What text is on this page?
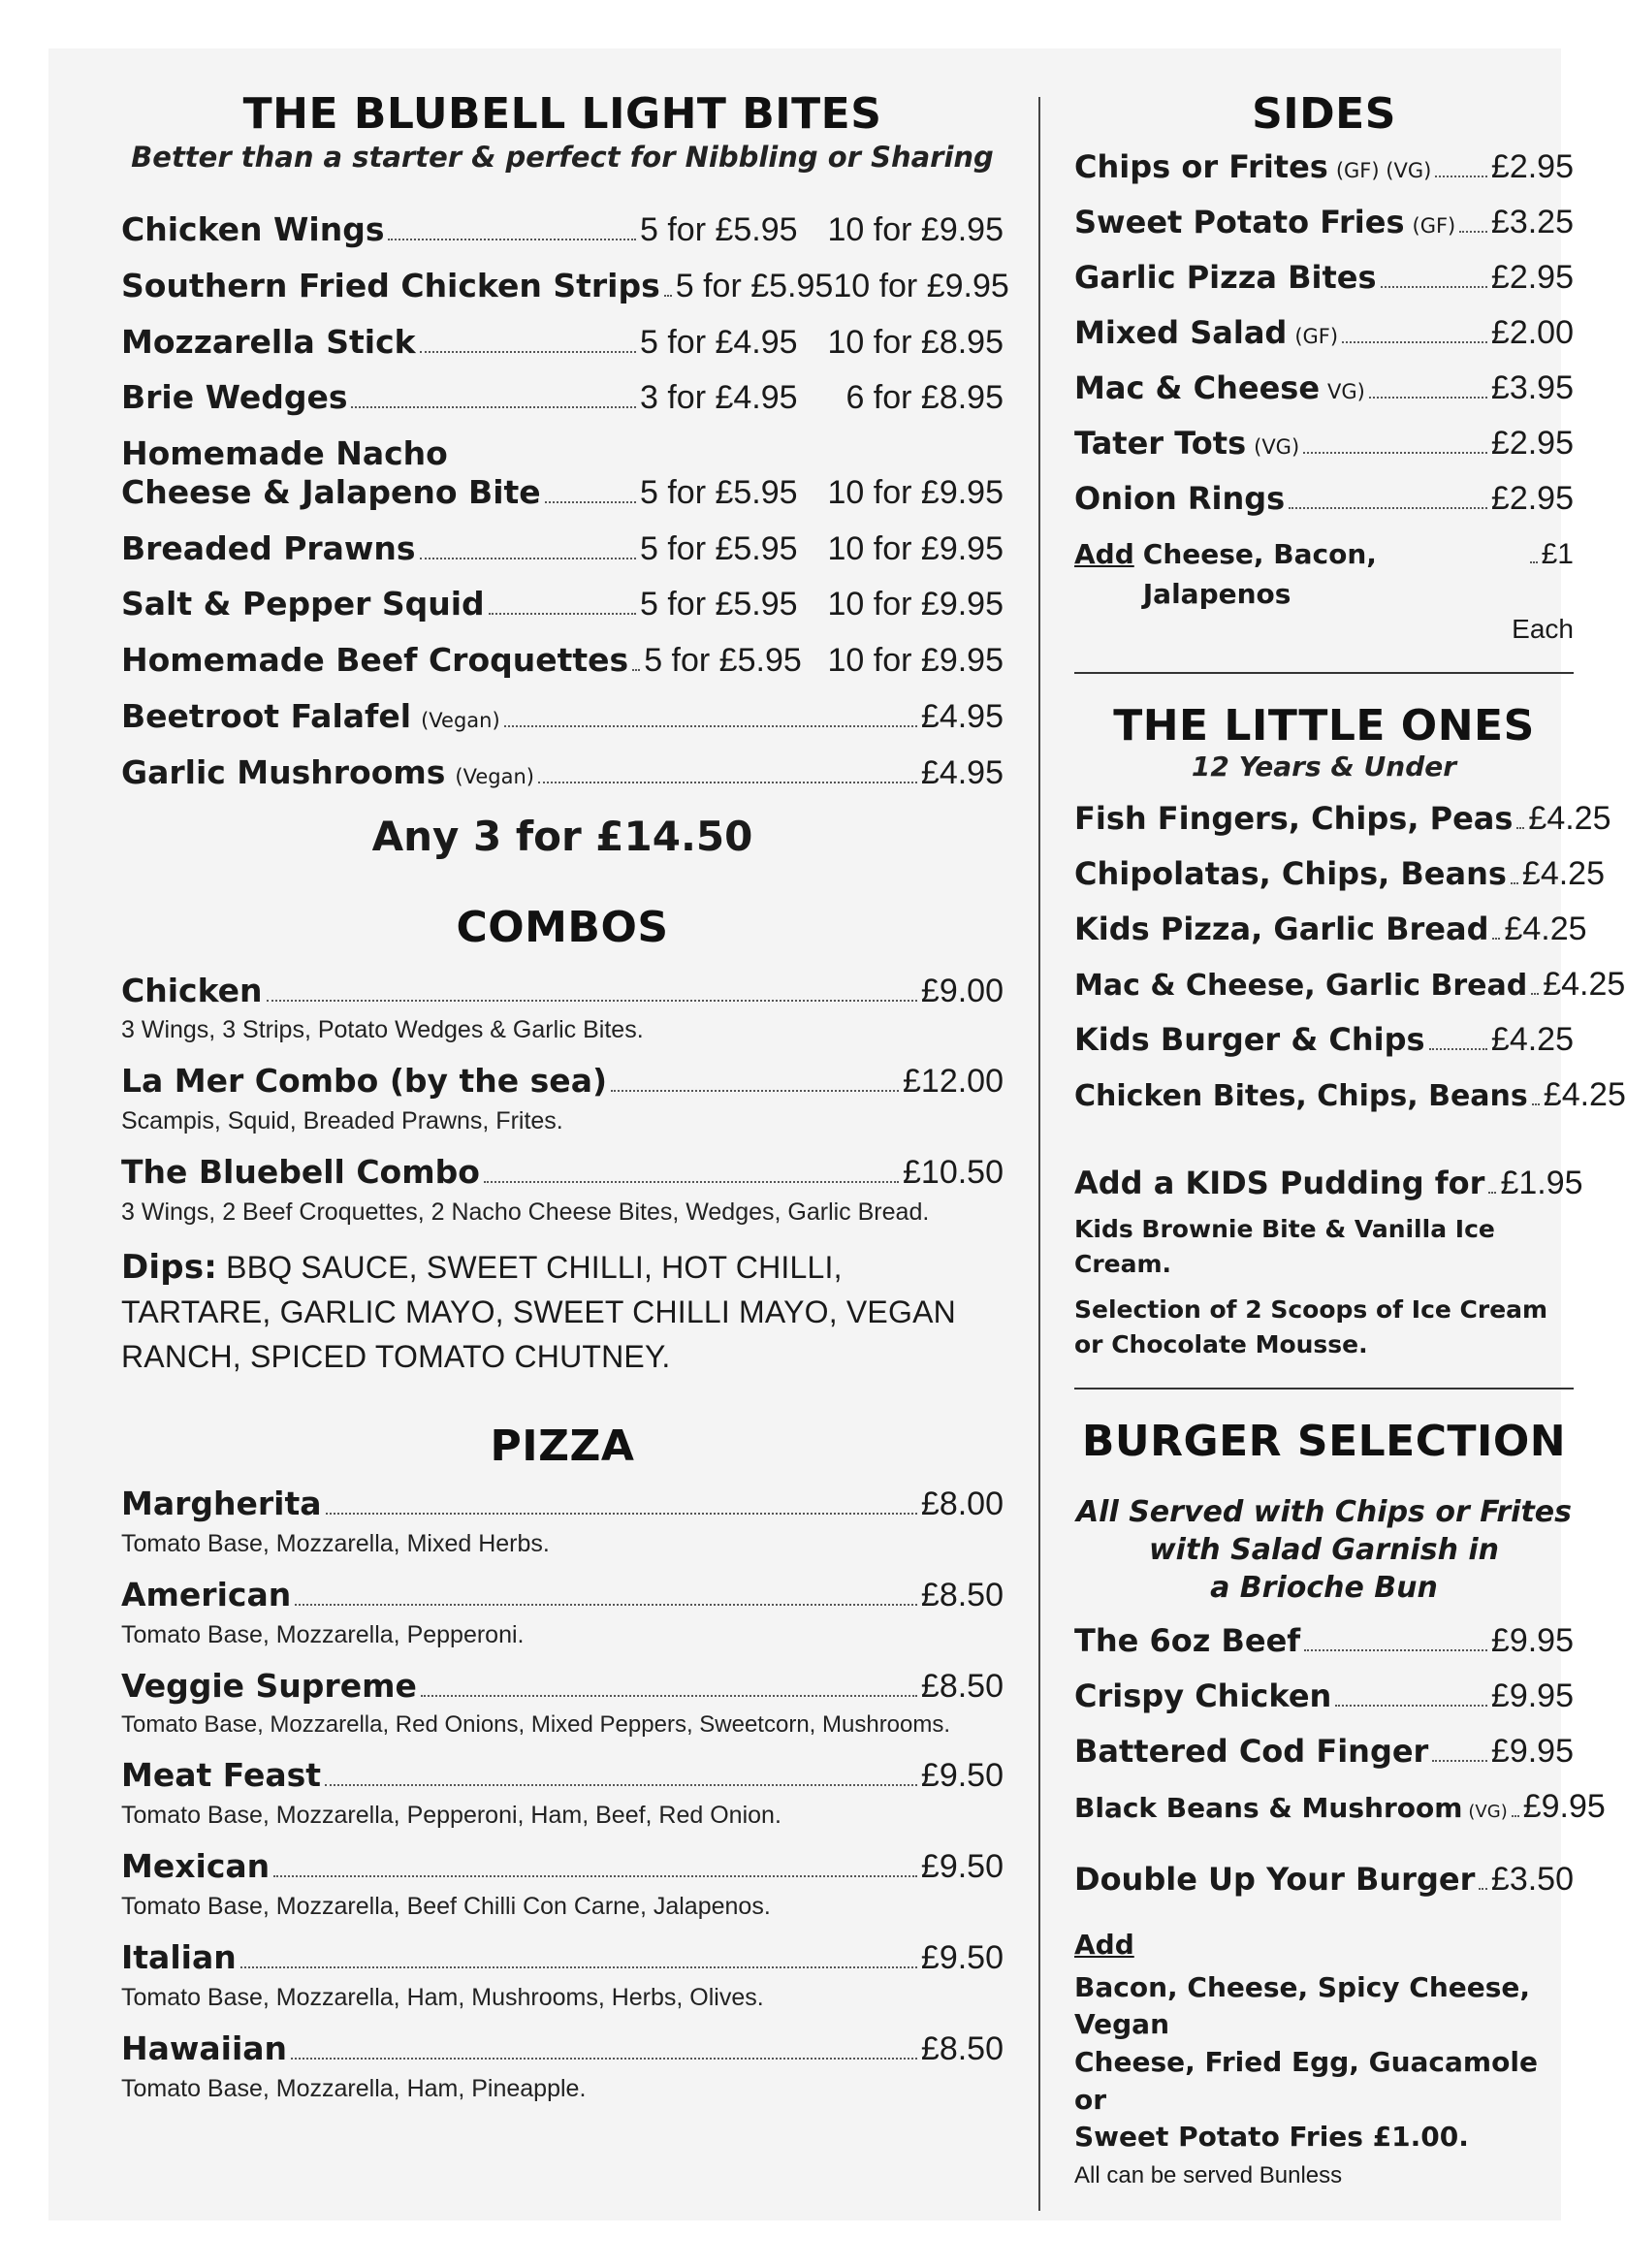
THE BLUBELL LIGHT BITES
Better than a starter & perfect for Nibbling or Sharing
Chicken Wings	5 for £5.95 10 for £9.95
Southern Fried Chicken Strips 5 for £5.95 10 for £9.95
Mozzarella Stick	5 for £4.95 10 for £8.95
Brie Wedges	3 for £4.95	6 for £8.95
Homemade Nacho
Cheese & Jalapeno Bite	5 for £5.95 10 for £9.95
Breaded Prawns	5 for £5.95 10 for £9.95
Salt & Pepper Squid	5 for £5.95 10 for £9.95
Homemade Beef Croquettes 5 for £5.95 10 for £9.95
Beetroot Falafel (Vegan)	£4.95
Garlic Mushrooms (Vegan)	£4.95
Any 3 for £14.50
COMBOS
Chicken	£9.00
3 Wings, 3 Strips, Potato Wedges & Garlic Bites.
La Mer Combo (by the sea)	£12.00
Scampis, Squid, Breaded Prawns, Frites.
The Bluebell Combo	£10.50
3 Wings, 2 Beef Croquettes, 2 Nacho Cheese Bites, Wedges, Garlic Bread.
Dips: BBQ SAUCE, SWEET CHILLI, HOT CHILLI,
TARTARE, GARLIC MAYO, SWEET CHILLI MAYO, VEGAN
RANCH, SPICED TOMATO CHUTNEY.
PIZZA
Margherita	£8.00
Tomato Base, Mozzarella, Mixed Herbs.
American	£8.50
Tomato Base, Mozzarella, Pepperoni.
Veggie Supreme	£8.50
Tomato Base, Mozzarella, Red Onions, Mixed Peppers, Sweetcorn, Mushrooms.
Meat Feast	£9.50
Tomato Base, Mozzarella, Pepperoni, Ham, Beef, Red Onion.
Mexican	£9.50
Tomato Base, Mozzarella, Beef Chilli Con Carne, Jalapenos.
Italian	£9.50
Tomato Base, Mozzarella, Ham, Mushrooms, Herbs, Olives.
Hawaiian	£8.50
Tomato Base, Mozzarella, Ham, Pineapple.
SIDES
Chips or Frites (GF) (VG) £2.95
Sweet Potato Fries (GF) £3.25
Garlic Pizza Bites	£2.95
Mixed Salad (GF)	£2.00
Mac & Cheese VG)	£3.95
Tater Tots (VG)	£2.95
Onion Rings	£2.95
Add Cheese, Bacon, Jalapenos
£1
Each
THE LITTLE ONES
12 Years & Under
Fish Fingers, Chips, Peas £4.25
Chipolatas, Chips, Beans £4.25
Kids Pizza, Garlic Bread £4.25
Mac & Cheese, Garlic Bread £4.25
Kids Burger & Chips £4.25
Chicken Bites, Chips, Beans £4.25
Add a KIDS Pudding for £1.95
Kids Brownie Bite & Vanilla Ice Cream.
Selection of 2 Scoops of Ice Cream
or Chocolate Mousse.
BURGER SELECTION
All Served with Chips or Frites
with Salad Garnish in
a Brioche Bun
The 6oz Beef	£9.95
Crispy Chicken	£9.95
Battered Cod Finger £9.95
Black Beans & Mushroom (VG) £9.95
Double Up Your Burger £3.50
Add
Bacon, Cheese, Spicy Cheese, Vegan
Cheese, Fried Egg, Guacamole or
Sweet Potato Fries £1.00.
All can be served Bunless
